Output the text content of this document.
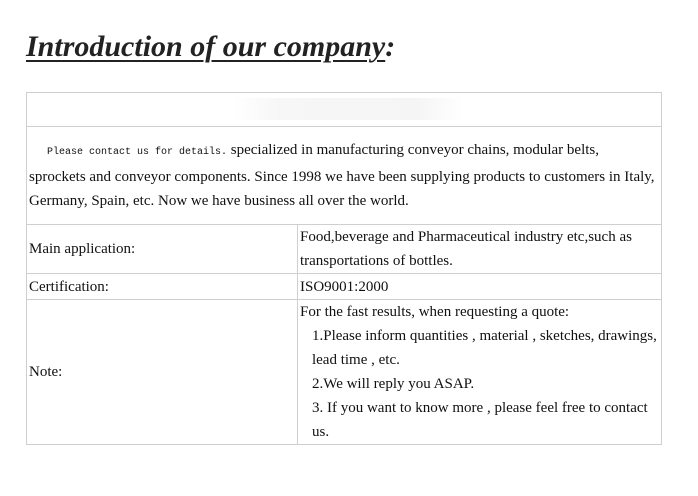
Introduction of our company:

Please contact us for details. specialized in manufacturing conveyor chains, modular belts, sprockets and conveyor components. Since 1998 we have been supplying products to customers in Italy, Germany, Spain, etc. Now we have business all over the world.	
Main application:	Food,beverage and Pharmaceutical industry etc,such as transportations of bottles.
Certification:	ISO9001:2000
Note:	For the fast results, when requesting a quote:
1.Please inform quantities , material , sketches, drawings, lead time , etc.
2.We will reply you ASAP.
3. If you want to know more , please feel free to contact us.
